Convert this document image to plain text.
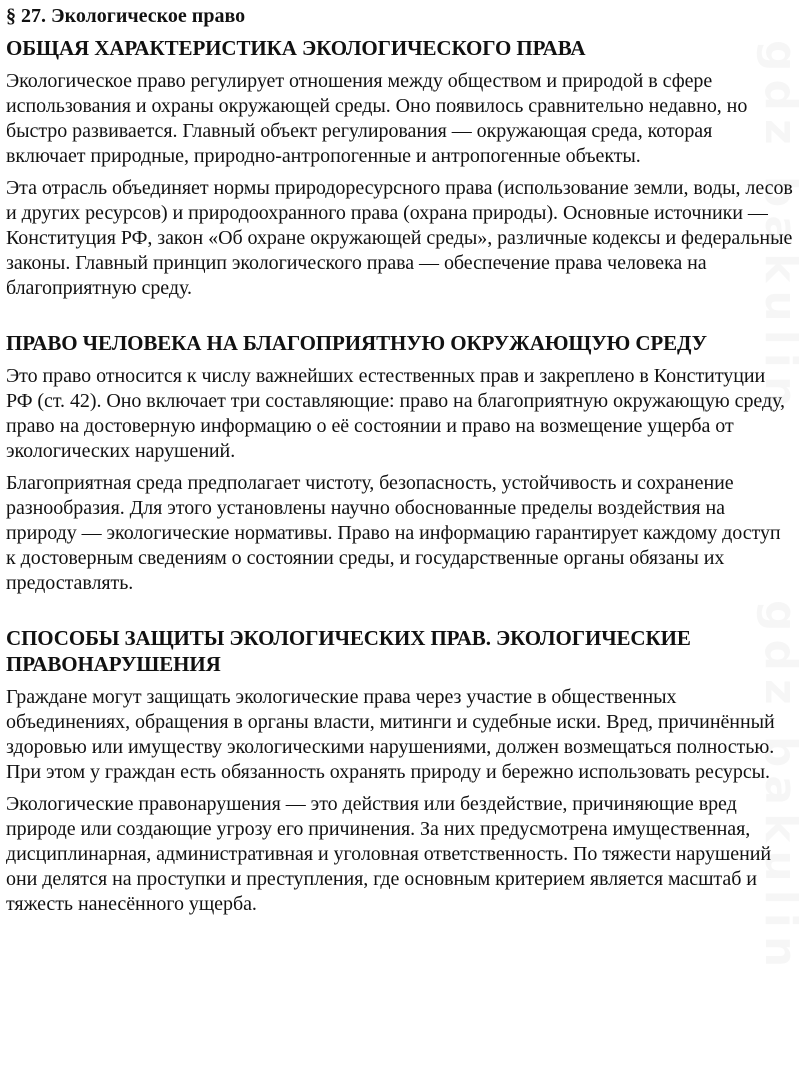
§ 27. Экологическое право
ОБЩАЯ ХАРАКТЕРИСТИКА ЭКОЛОГИЧЕСКОГО ПРАВА

Экологическое право регулирует отношения между обществом и природой в сфере использования и охраны окружающей среды. Оно появилось сравнительно недавно, но быстро развивается. Главный объект регулирования — окружающая среда, которая включает природные, природно-антропогенные и антропогенные объекты.

Эта отрасль объединяет нормы природоресурсного права (использование земли, воды, лесов и других ресурсов) и природоохранного права (охрана природы). Основные источники — Конституция РФ, закон «Об охране окружающей среды», различные кодексы и федеральные законы. Главный принцип экологического права — обеспечение права человека на благоприятную среду.

ПРАВО ЧЕЛОВЕКА НА БЛАГОПРИЯТНУЮ ОКРУЖАЮЩУЮ СРЕДУ

Это право относится к числу важнейших естественных прав и закреплено в Конституции РФ (ст. 42). Оно включает три составляющие: право на благоприятную окружающую среду, право на достоверную информацию о её состоянии и право на возмещение ущерба от экологических нарушений.

Благоприятная среда предполагает чистоту, безопасность, устойчивость и сохранение разнообразия. Для этого установлены научно обоснованные пределы воздействия на природу — экологические нормативы. Право на информацию гарантирует каждому доступ к достоверным сведениям о состоянии среды, и государственные органы обязаны их предоставлять.

СПОСОБЫ ЗАЩИТЫ ЭКОЛОГИЧЕСКИХ ПРАВ. ЭКОЛОГИЧЕСКИЕ ПРАВОНАРУШЕНИЯ

Граждане могут защищать экологические права через участие в общественных объединениях, обращения в органы власти, митинги и судебные иски. Вред, причинённый здоровью или имуществу экологическими нарушениями, должен возмещаться полностью. При этом у граждан есть обязанность охранять природу и бережно использовать ресурсы.

Экологические правонарушения — это действия или бездействие, причиняющие вред природе или создающие угрозу его причинения. За них предусмотрена имущественная, дисциплинарная, административная и уголовная ответственность. По тяжести нарушений они делятся на проступки и преступления, где основным критерием является масштаб и тяжесть нанесённого ущерба.
